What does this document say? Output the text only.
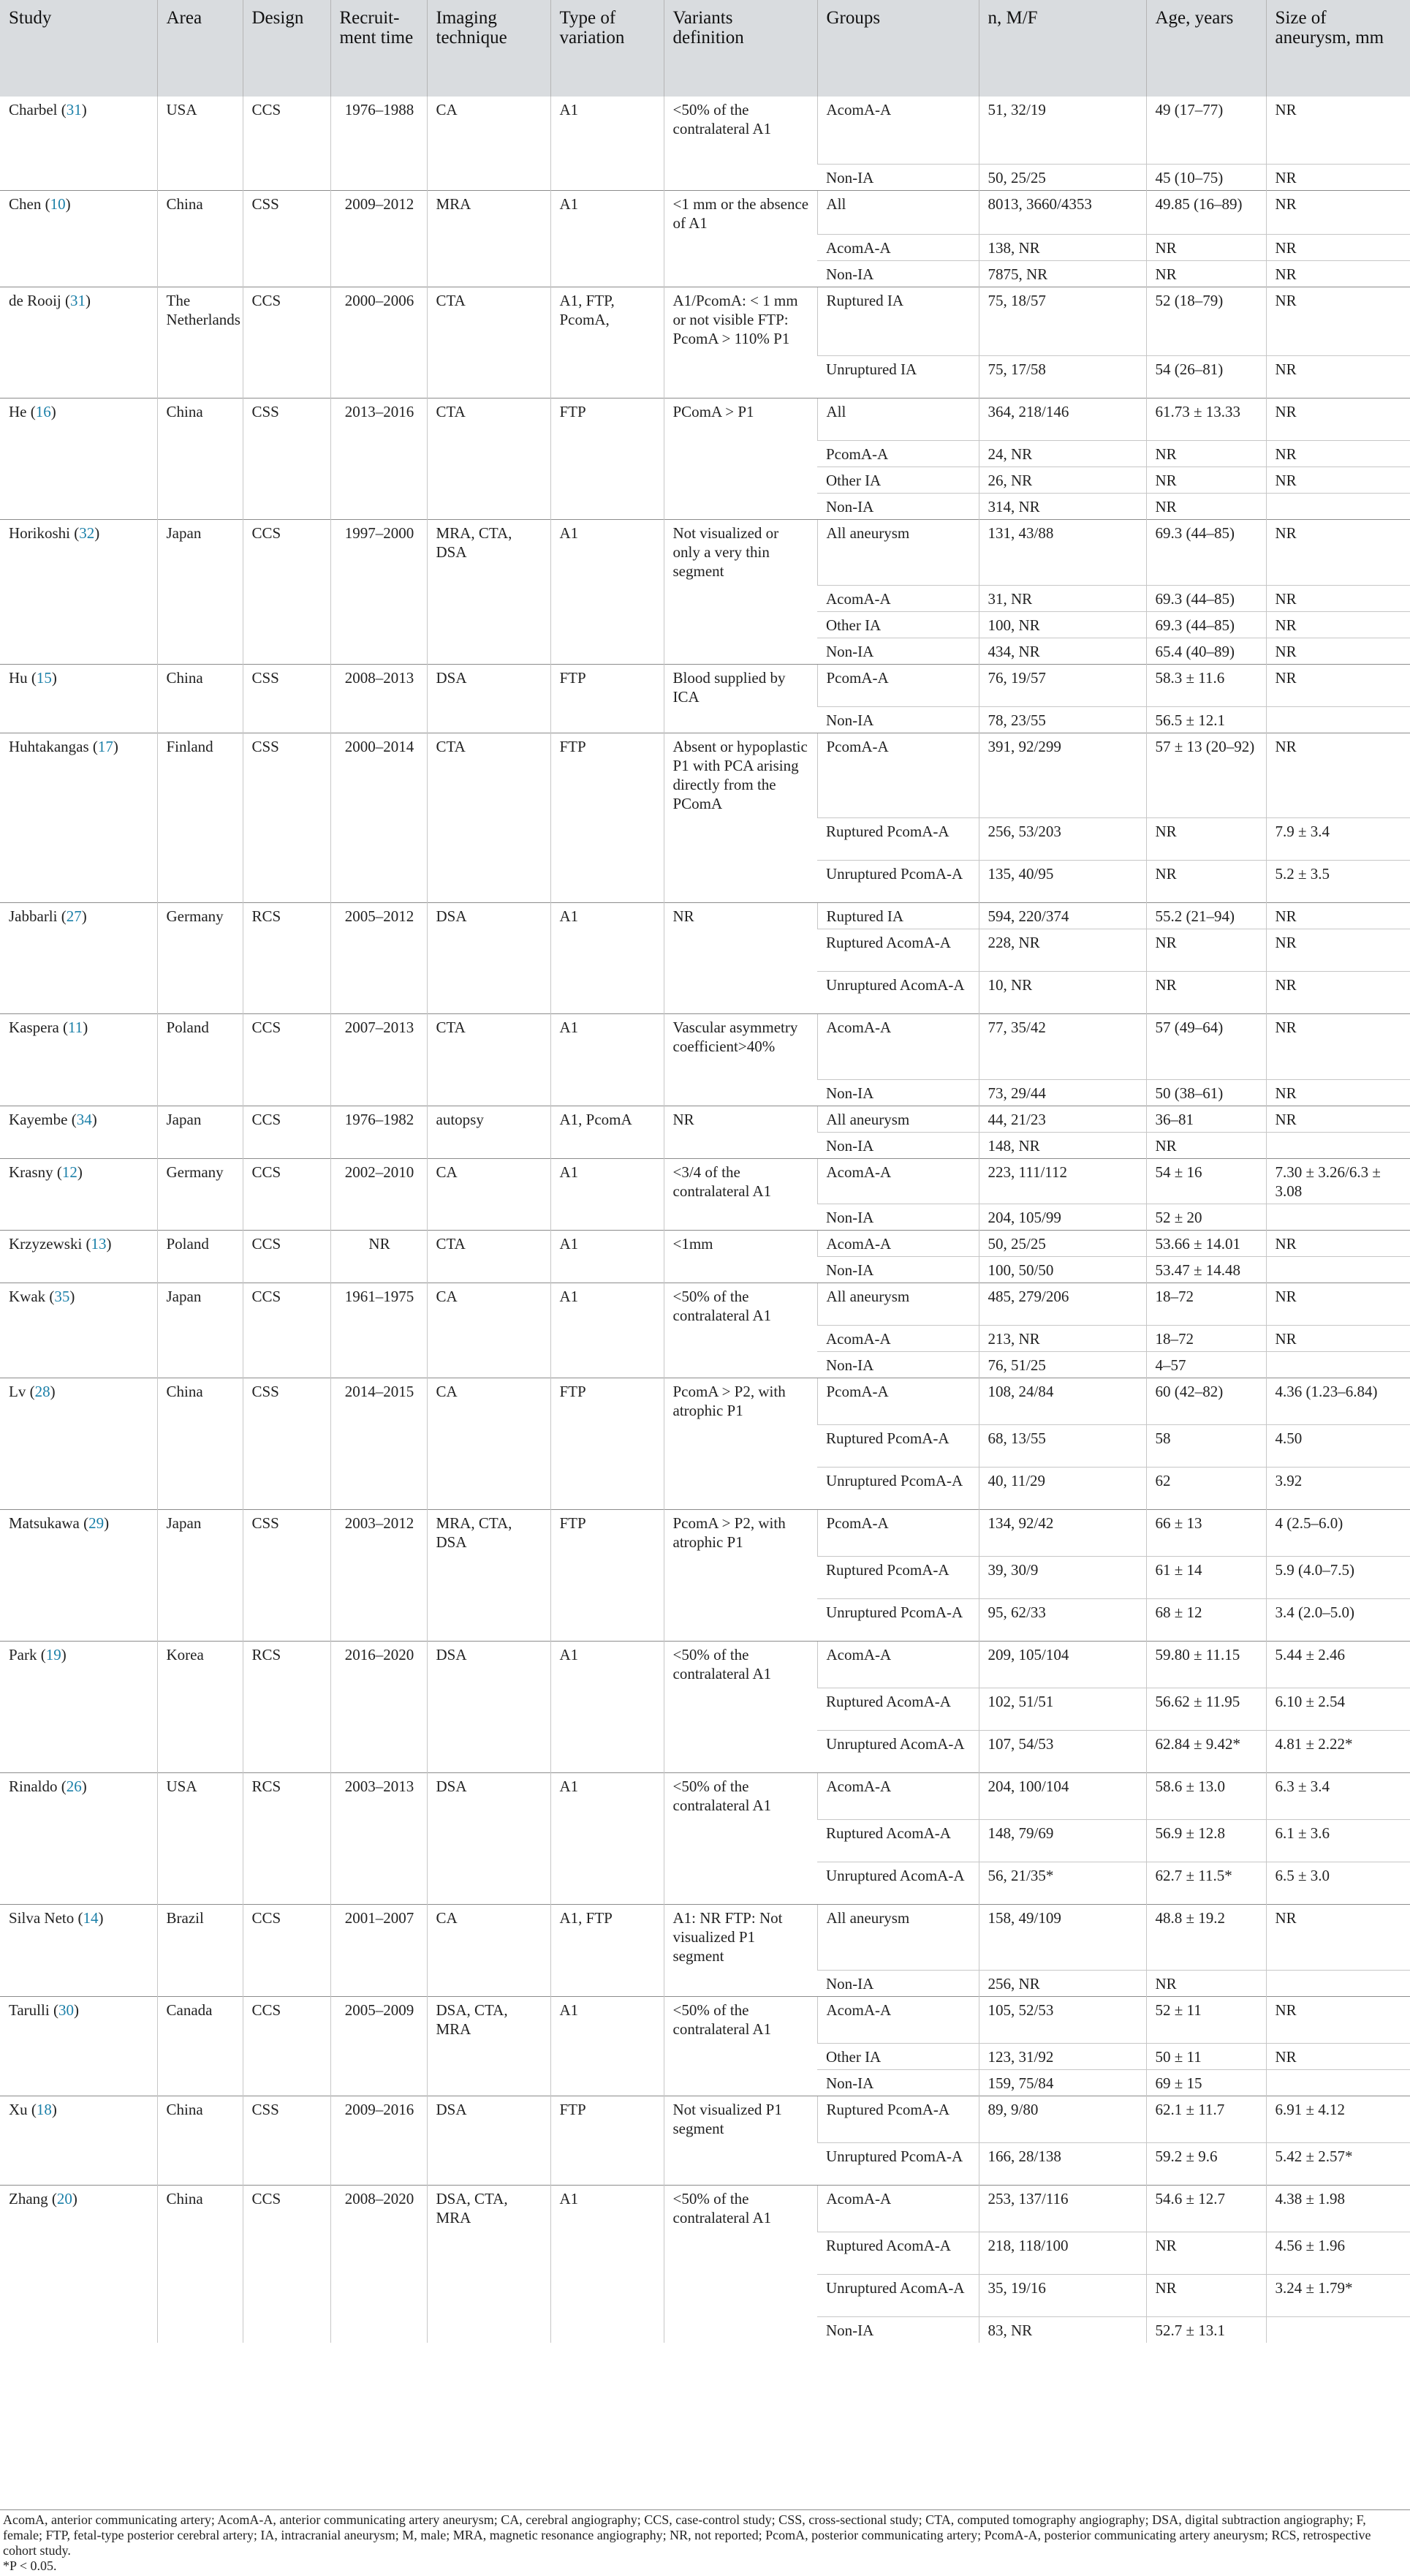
Study	Area	Design	Recruit- ment time	Imaging technique	Type of variation	Variants definition	Groups	n, M/F	Age, years	Size of aneurysm, mm
Charbel (31)	USA	CCS	1976–1988	CA	A1	<50% of the contralateral A1	AcomA-A	51, 32/19	49 (17–77)	NR
							Non-IA	50, 25/25	45 (10–75)	NR
Chen (10)	China	CSS	2009–2012	MRA	A1	<1 mm or the absence of A1	All	8013, 3660/4353	49.85 (16–89)	NR
							AcomA-A	138, NR	NR	NR
							Non-IA	7875, NR	NR	NR
de Rooij (31)	The Netherlands	CCS	2000–2006	CTA	A1, FTP, PcomA,	A1/PcomA: < 1 mm or not visible FTP: PcomA > 110% P1	Ruptured IA	75, 18/57	52 (18–79)	NR
							Unruptured IA	75, 17/58	54 (26–81)	NR
He (16)	China	CSS	2013–2016	CTA	FTP	PComA > P1	All	364, 218/146	61.73 ± 13.33	NR
							PcomA-A	24, NR	NR	NR
							Other IA	26, NR	NR	NR
							Non-IA	314, NR	NR	
Horikoshi (32)	Japan	CCS	1997–2000	MRA, CTA, DSA	A1	Not visualized or only a very thin segment	All aneurysm	131, 43/88	69.3 (44–85)	NR
							AcomA-A	31, NR	69.3 (44–85)	NR
							Other IA	100, NR	69.3 (44–85)	NR
							Non-IA	434, NR	65.4 (40–89)	NR
Hu (15)	China	CSS	2008–2013	DSA	FTP	Blood supplied by ICA	PcomA-A	76, 19/57	58.3 ± 11.6	NR
							Non-IA	78, 23/55	56.5 ± 12.1	
Huhtakangas (17)	Finland	CSS	2000–2014	CTA	FTP	Absent or hypoplastic P1 with PCA arising directly from the PComA	PcomA-A	391, 92/299	57 ± 13 (20–92)	NR
							Ruptured PcomA-A	256, 53/203	NR	7.9 ± 3.4
							Unruptured PcomA-A	135, 40/95	NR	5.2 ± 3.5
Jabbarli (27)	Germany	RCS	2005–2012	DSA	A1	NR	Ruptured IA	594, 220/374	55.2 (21–94)	NR
							Ruptured AcomA-A	228, NR	NR	NR
							Unruptured AcomA-A	10, NR	NR	NR
Kaspera (11)	Poland	CCS	2007–2013	CTA	A1	Vascular asymmetry coefficient>40%	AcomA-A	77, 35/42	57 (49–64)	NR
							Non-IA	73, 29/44	50 (38–61)	NR
Kayembe (34)	Japan	CCS	1976–1982	autopsy	A1, PcomA	NR	All aneurysm	44, 21/23	36–81	NR
							Non-IA	148, NR	NR	
Krasny (12)	Germany	CCS	2002–2010	CA	A1	<3/4 of the contralateral A1	AcomA-A	223, 111/112	54 ± 16	7.30 ± 3.26/6.3 ± 3.08
							Non-IA	204, 105/99	52 ± 20	
Krzyzewski (13)	Poland	CCS	NR	CTA	A1	<1mm	AcomA-A	50, 25/25	53.66 ± 14.01	NR
							Non-IA	100, 50/50	53.47 ± 14.48	
Kwak (35)	Japan	CCS	1961–1975	CA	A1	<50% of the contralateral A1	All aneurysm	485, 279/206	18–72	NR
							AcomA-A	213, NR	18–72	NR
							Non-IA	76, 51/25	4–57	
Lv (28)	China	CSS	2014–2015	CA	FTP	PcomA > P2, with atrophic P1	PcomA-A	108, 24/84	60 (42–82)	4.36 (1.23–6.84)
							Ruptured PcomA-A	68, 13/55	58	4.50
							Unruptured PcomA-A	40, 11/29	62	3.92
Matsukawa (29)	Japan	CSS	2003–2012	MRA, CTA, DSA	FTP	PcomA > P2, with atrophic P1	PcomA-A	134, 92/42	66 ± 13	4 (2.5–6.0)
							Ruptured PcomA-A	39, 30/9	61 ± 14	5.9 (4.0–7.5)
							Unruptured PcomA-A	95, 62/33	68 ± 12	3.4 (2.0–5.0)
Park (19)	Korea	RCS	2016–2020	DSA	A1	<50% of the contralateral A1	AcomA-A	209, 105/104	59.80 ± 11.15	5.44 ± 2.46
							Ruptured AcomA-A	102, 51/51	56.62 ± 11.95	6.10 ± 2.54
							Unruptured AcomA-A	107, 54/53	62.84 ± 9.42*	4.81 ± 2.22*
Rinaldo (26)	USA	RCS	2003–2013	DSA	A1	<50% of the contralateral A1	AcomA-A	204, 100/104	58.6 ± 13.0	6.3 ± 3.4
							Ruptured AcomA-A	148, 79/69	56.9 ± 12.8	6.1 ± 3.6
							Unruptured AcomA-A	56, 21/35*	62.7 ± 11.5*	6.5 ± 3.0
Silva Neto (14)	Brazil	CCS	2001–2007	CA	A1, FTP	A1: NR FTP: Not visualized P1 segment	All aneurysm	158, 49/109	48.8 ± 19.2	NR
							Non-IA	256, NR	NR	
Tarulli (30)	Canada	CCS	2005–2009	DSA, CTA, MRA	A1	<50% of the contralateral A1	AcomA-A	105, 52/53	52 ± 11	NR
							Other IA	123, 31/92	50 ± 11	NR
							Non-IA	159, 75/84	69 ± 15	
Xu (18)	China	CSS	2009–2016	DSA	FTP	Not visualized P1 segment	Ruptured PcomA-A	89, 9/80	62.1 ± 11.7	6.91 ± 4.12
							Unruptured PcomA-A	166, 28/138	59.2 ± 9.6	5.42 ± 2.57*
Zhang (20)	China	CCS	2008–2020	DSA, CTA, MRA	A1	<50% of the contralateral A1	AcomA-A	253, 137/116	54.6 ± 12.7	4.38 ± 1.98
							Ruptured AcomA-A	218, 118/100	NR	4.56 ± 1.96
							Unruptured AcomA-A	35, 19/16	NR	3.24 ± 1.79*
							Non-IA	83, NR	52.7 ± 13.1	

AcomA, anterior communicating artery; AcomA-A, anterior communicating artery aneurysm; CA, cerebral angiography; CCS, case-control study; CSS, cross-sectional study; CTA, computed tomography angiography; DSA, digital subtraction angiography; F, female; FTP, fetal-type posterior cerebral artery; IA, intracranial aneurysm; M, male; MRA, magnetic resonance angiography; NR, not reported; PcomA, posterior communicating artery; PcomA-A, posterior communicating artery aneurysm; RCS, retrospective cohort study.

*P < 0.05.
